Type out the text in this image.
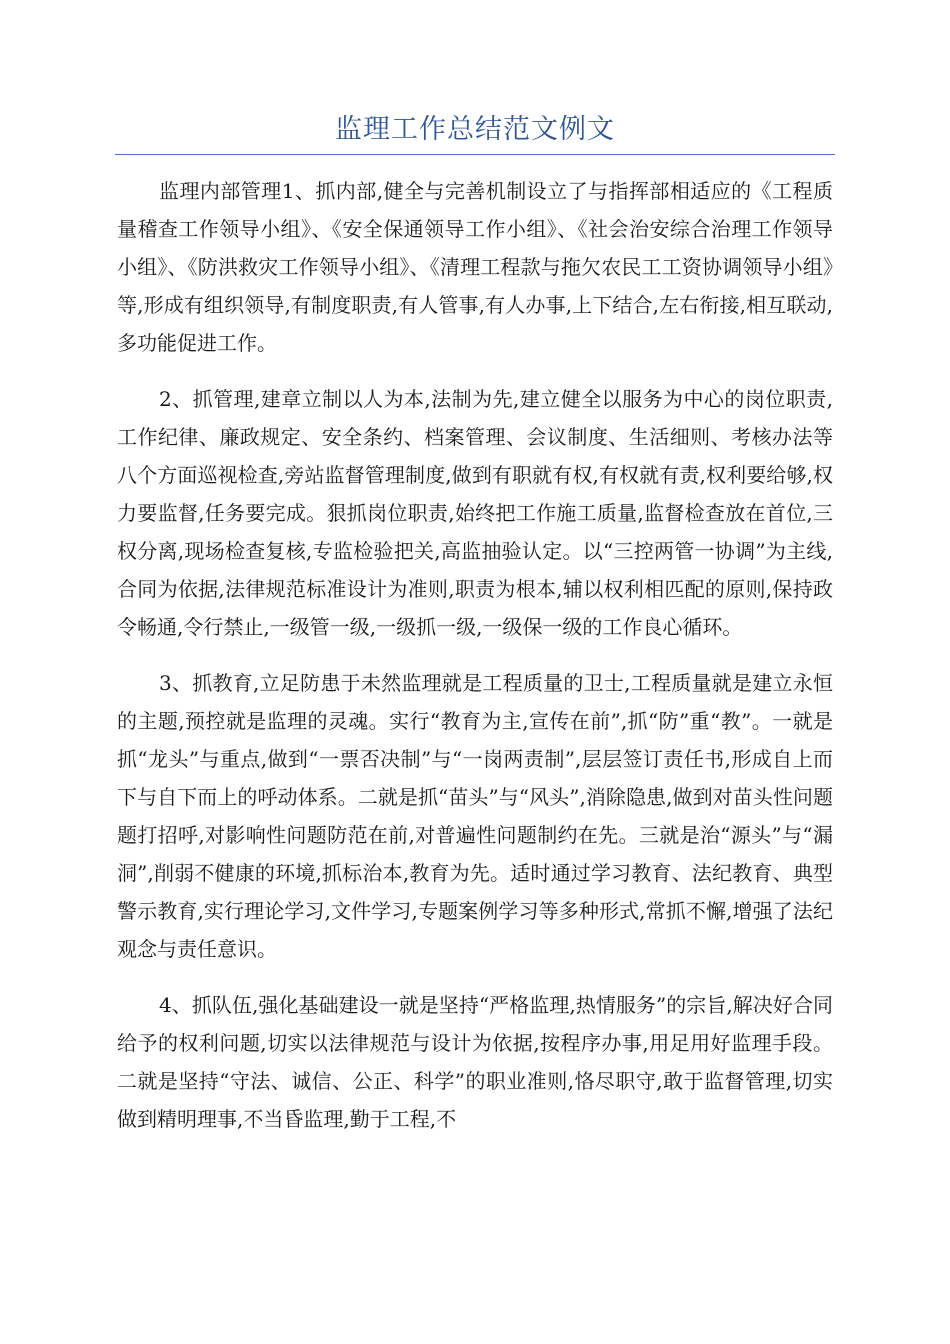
监理工作总结范文例文

监理内部管理1、抓内部,健全与完善机制设立了与指挥部相适应的《工程质量稽查工作领导小组》、《安全保通领导工作小组》、《社会治安综合治理工作领导小组》、《防洪救灾工作领导小组》、《清理工程款与拖欠农民工工资协调领导小组》等,形成有组织领导,有制度职责,有人管事,有人办事,上下结合,左右衔接,相互联动,多功能促进工作。

2、抓管理,建章立制以人为本,法制为先,建立健全以服务为中心的岗位职责,工作纪律、廉政规定、安全条约、档案管理、会议制度、生活细则、考核办法等八个方面巡视检查,旁站监督管理制度,做到有职就有权,有权就有责,权利要给够,权力要监督,任务要完成。狠抓岗位职责,始终把工作施工质量,监督检查放在首位,三权分离,现场检查复核,专监检验把关,高监抽验认定。以“三控两管一协调”为主线,合同为依据,法律规范标准设计为准则,职责为根本,辅以权利相匹配的原则,保持政令畅通,令行禁止,一级管一级,一级抓一级,一级保一级的工作良心循环。

3、抓教育,立足防患于未然监理就是工程质量的卫士,工程质量就是建立永恒的主题,预控就是监理的灵魂。实行“教育为主,宣传在前”,抓“防”重“教”。一就是抓“龙头”与重点,做到“一票否决制”与“一岗两责制”,层层签订责任书,形成自上而下与自下而上的呼动体系。二就是抓“苗头”与“风头”,消除隐患,做到对苗头性问题题打招呼,对影响性问题防范在前,对普遍性问题制约在先。三就是治“源头”与“漏洞”,削弱不健康的环境,抓标治本,教育为先。适时通过学习教育、法纪教育、典型警示教育,实行理论学习,文件学习,专题案例学习等多种形式,常抓不懈,增强了法纪观念与责任意识。

4、抓队伍,强化基础建设一就是坚持“严格监理,热情服务”的宗旨,解决好合同给予的权利问题,切实以法律规范与设计为依据,按程序办事,用足用好监理手段。二就是坚持“守法、诚信、公正、科学”的职业准则,恪尽职守,敢于监督管理,切实做到精明理事,不当昏监理,勤于工程,不
